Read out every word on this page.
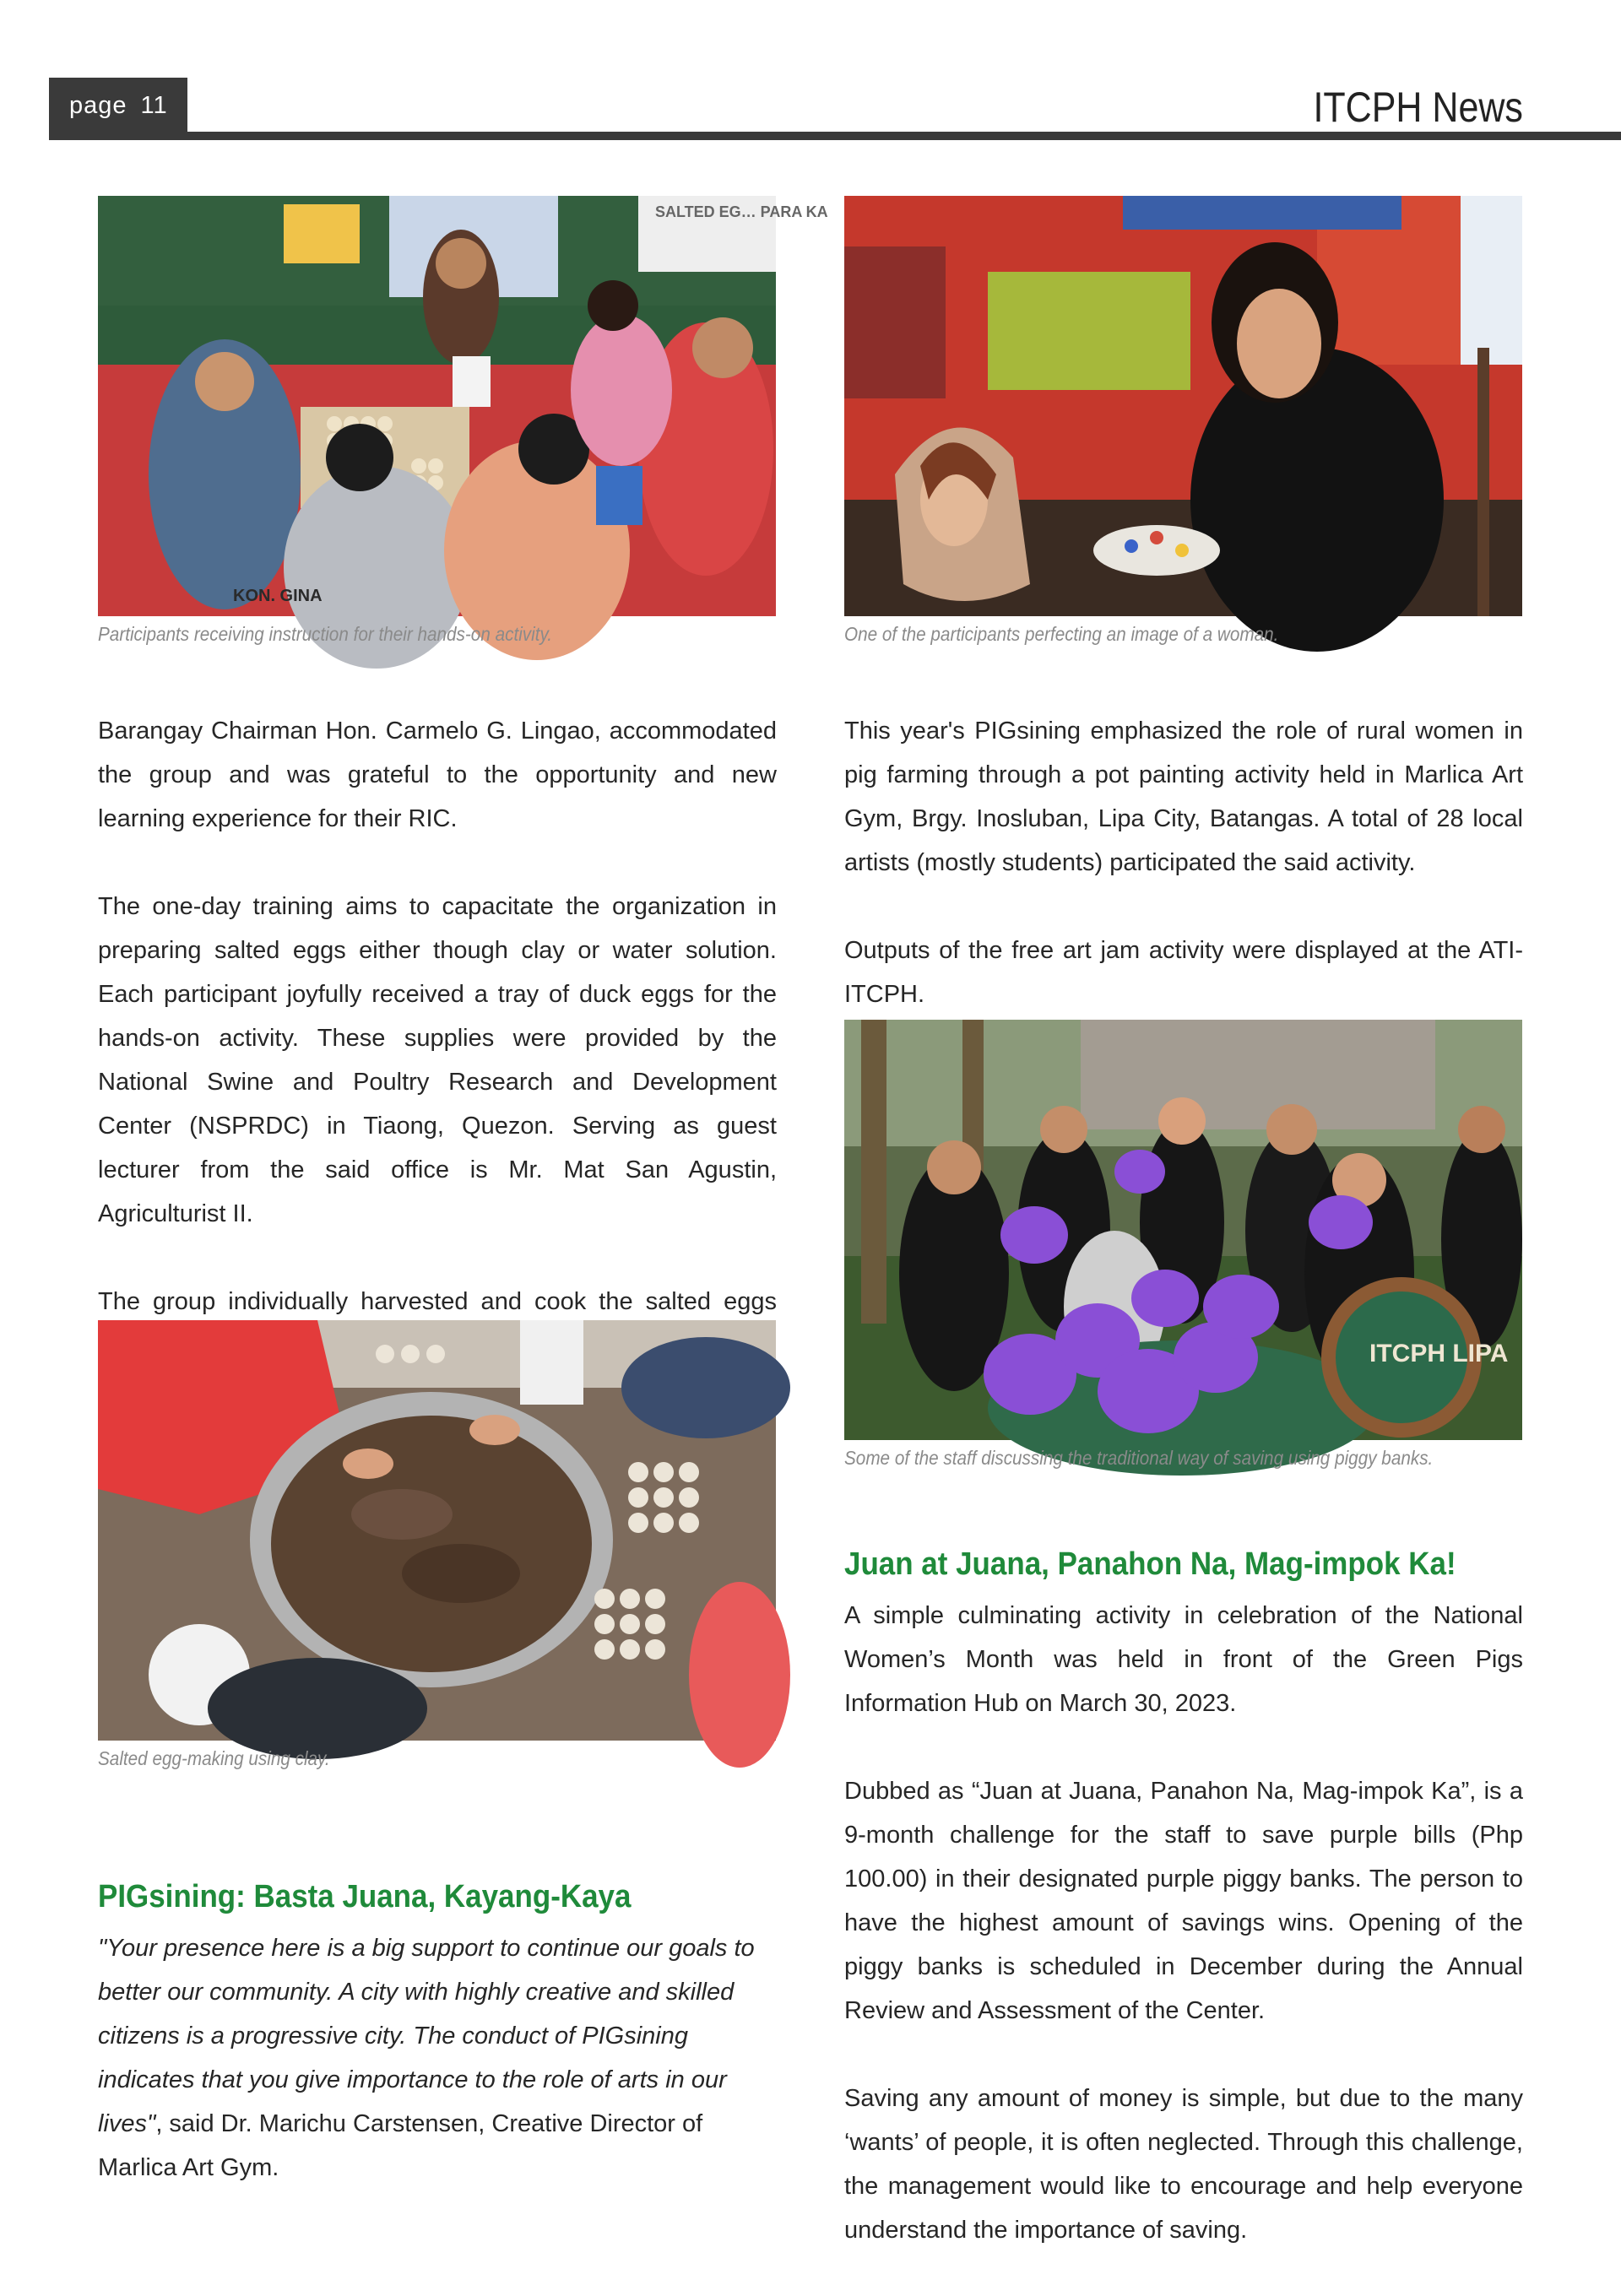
page 11	ITCPH News
SALTED EG… PARA KA
KON. GINA
Participants receiving instruction for their hands-on activity.	One of the participants perfecting an image of a woman.

Barangay Chairman Hon. Carmelo G. Lingao, accommodated the group and was grateful to the opportunity and new learning experience for their RIC.

The one-day training aims to capacitate the organization in preparing salted eggs either though clay or water solution. Each participant joyfully received a tray of duck eggs for the hands-on activity. These supplies were provided by the National Swine and Poultry Research and Development Center (NSPRDC) in Tiaong, Quezon. Serving as guest lecturer from the said office is Mr. Mat San Agustin, Agriculturist II.

The group individually harvested and cook the salted eggs

Salted egg-making using clay.
PIGsining: Basta Juana, Kayang-Kaya
"Your presence here is a big support to continue our goals to better our community. A city with highly creative and skilled citizens is a progressive city. The conduct of PIGsining indicates that you give importance to the role of arts in our lives", said Dr. Marichu Carstensen, Creative Director of Marlica Art Gym.

This year's PIGsining emphasized the role of rural women in pig farming through a pot painting activity held in Marlica Art Gym, Brgy. Inosluban, Lipa City, Batangas. A total of 28 local artists (mostly students) participated the said activity.

Outputs of the free art jam activity were displayed at the ATI-ITCPH.

ITCPH LIPA
Some of the staff discussing the traditional way of saving using piggy banks.
Juan at Juana, Panahon Na, Mag-impok Ka!

A simple culminating activity in celebration of the National Women’s Month was held in front of the Green Pigs Information Hub on March 30, 2023.

Dubbed as “Juan at Juana, Panahon Na, Mag-impok Ka”, is a 9-month challenge for the staff to save purple bills (Php 100.00) in their designated purple piggy banks. The person to have the highest amount of savings wins. Opening of the piggy banks is scheduled in December during the Annual Review and Assessment of the Center.

Saving any amount of money is simple, but due to the many ‘wants’ of people, it is often neglected. Through this challenge, the management would like to encourage and help everyone understand the importance of saving.
